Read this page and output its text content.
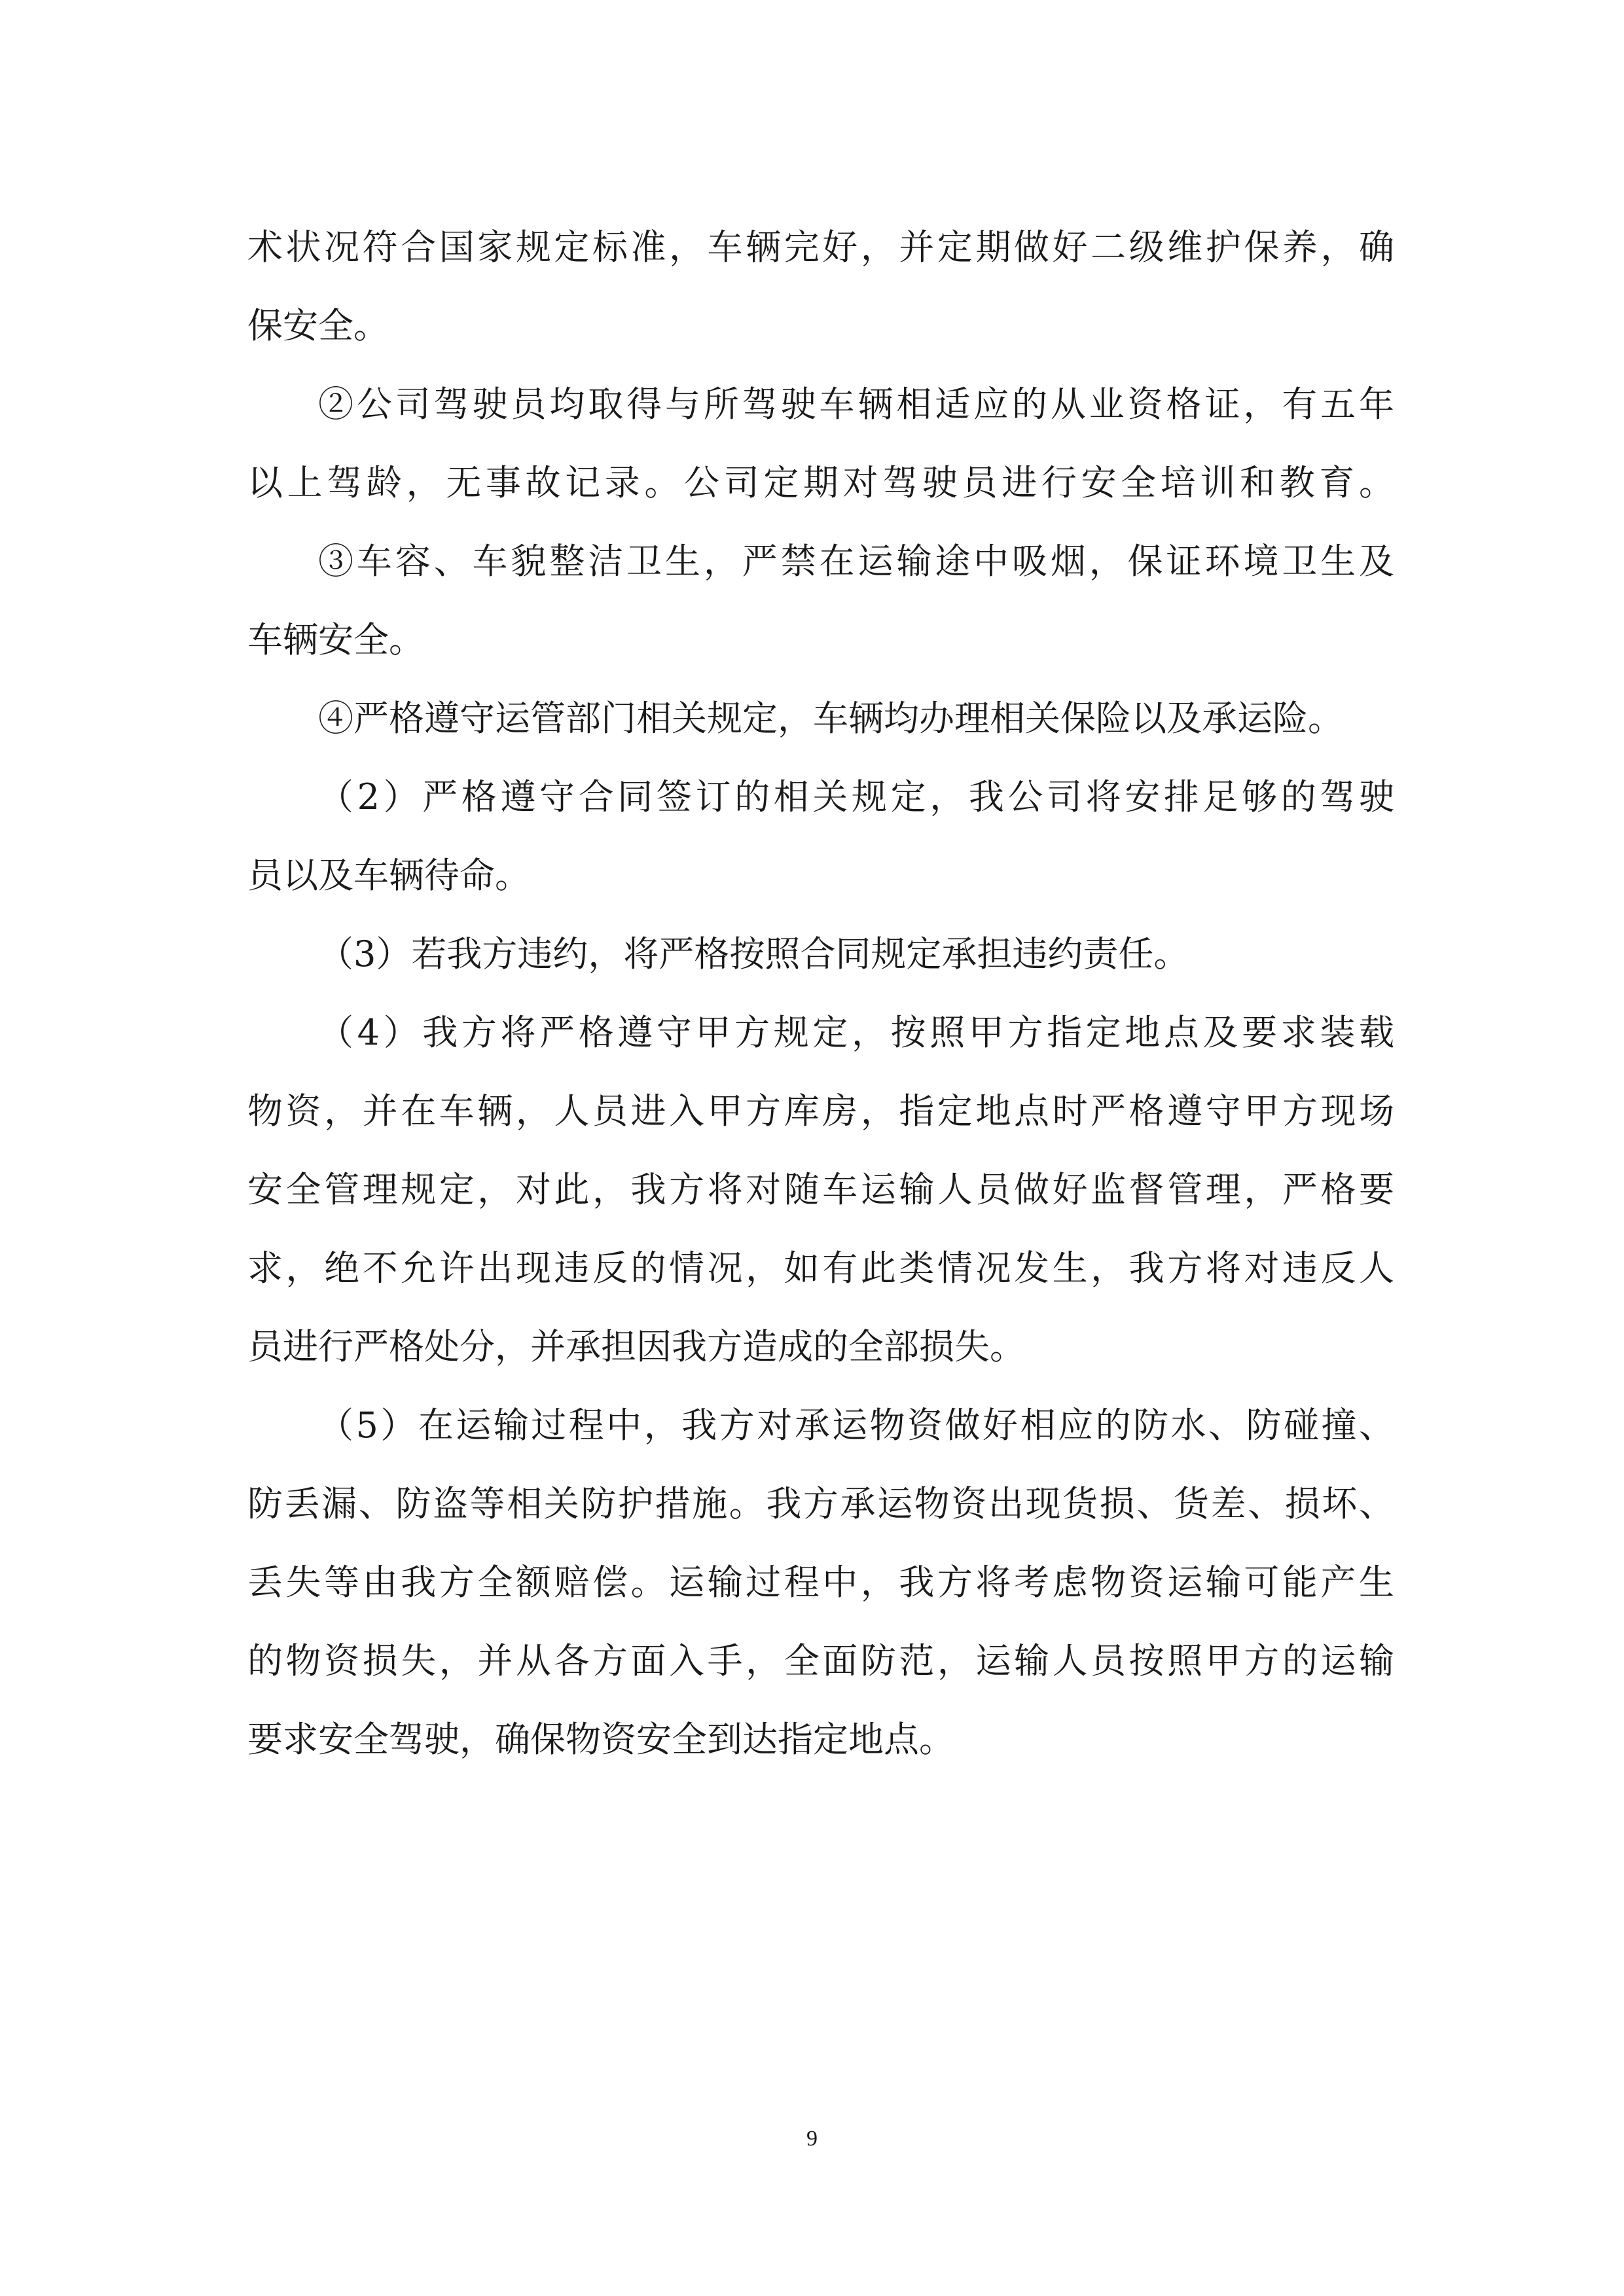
术状况符合国家规定标准，车辆完好，并定期做好二级维护保养，确
保安全。
②公司驾驶员均取得与所驾驶车辆相适应的从业资格证，有五年
以上驾龄，无事故记录。公司定期对驾驶员进行安全培训和教育。
③车容、车貌整洁卫生，严禁在运输途中吸烟，保证环境卫生及
车辆安全。
④严格遵守运管部门相关规定，车辆均办理相关保险以及承运险。
（2）严格遵守合同签订的相关规定，我公司将安排足够的驾驶
员以及车辆待命。
（3）若我方违约，将严格按照合同规定承担违约责任。
（4）我方将严格遵守甲方规定，按照甲方指定地点及要求装载
物资，并在车辆，人员进入甲方库房，指定地点时严格遵守甲方现场
安全管理规定，对此，我方将对随车运输人员做好监督管理，严格要
求，绝不允许出现违反的情况，如有此类情况发生，我方将对违反人
员进行严格处分，并承担因我方造成的全部损失。
（5）在运输过程中，我方对承运物资做好相应的防水、防碰撞、
防丢漏、防盗等相关防护措施。我方承运物资出现货损、货差、损坏、
丢失等由我方全额赔偿。运输过程中，我方将考虑物资运输可能产生
的物资损失，并从各方面入手，全面防范，运输人员按照甲方的运输
要求安全驾驶，确保物资安全到达指定地点。
9
